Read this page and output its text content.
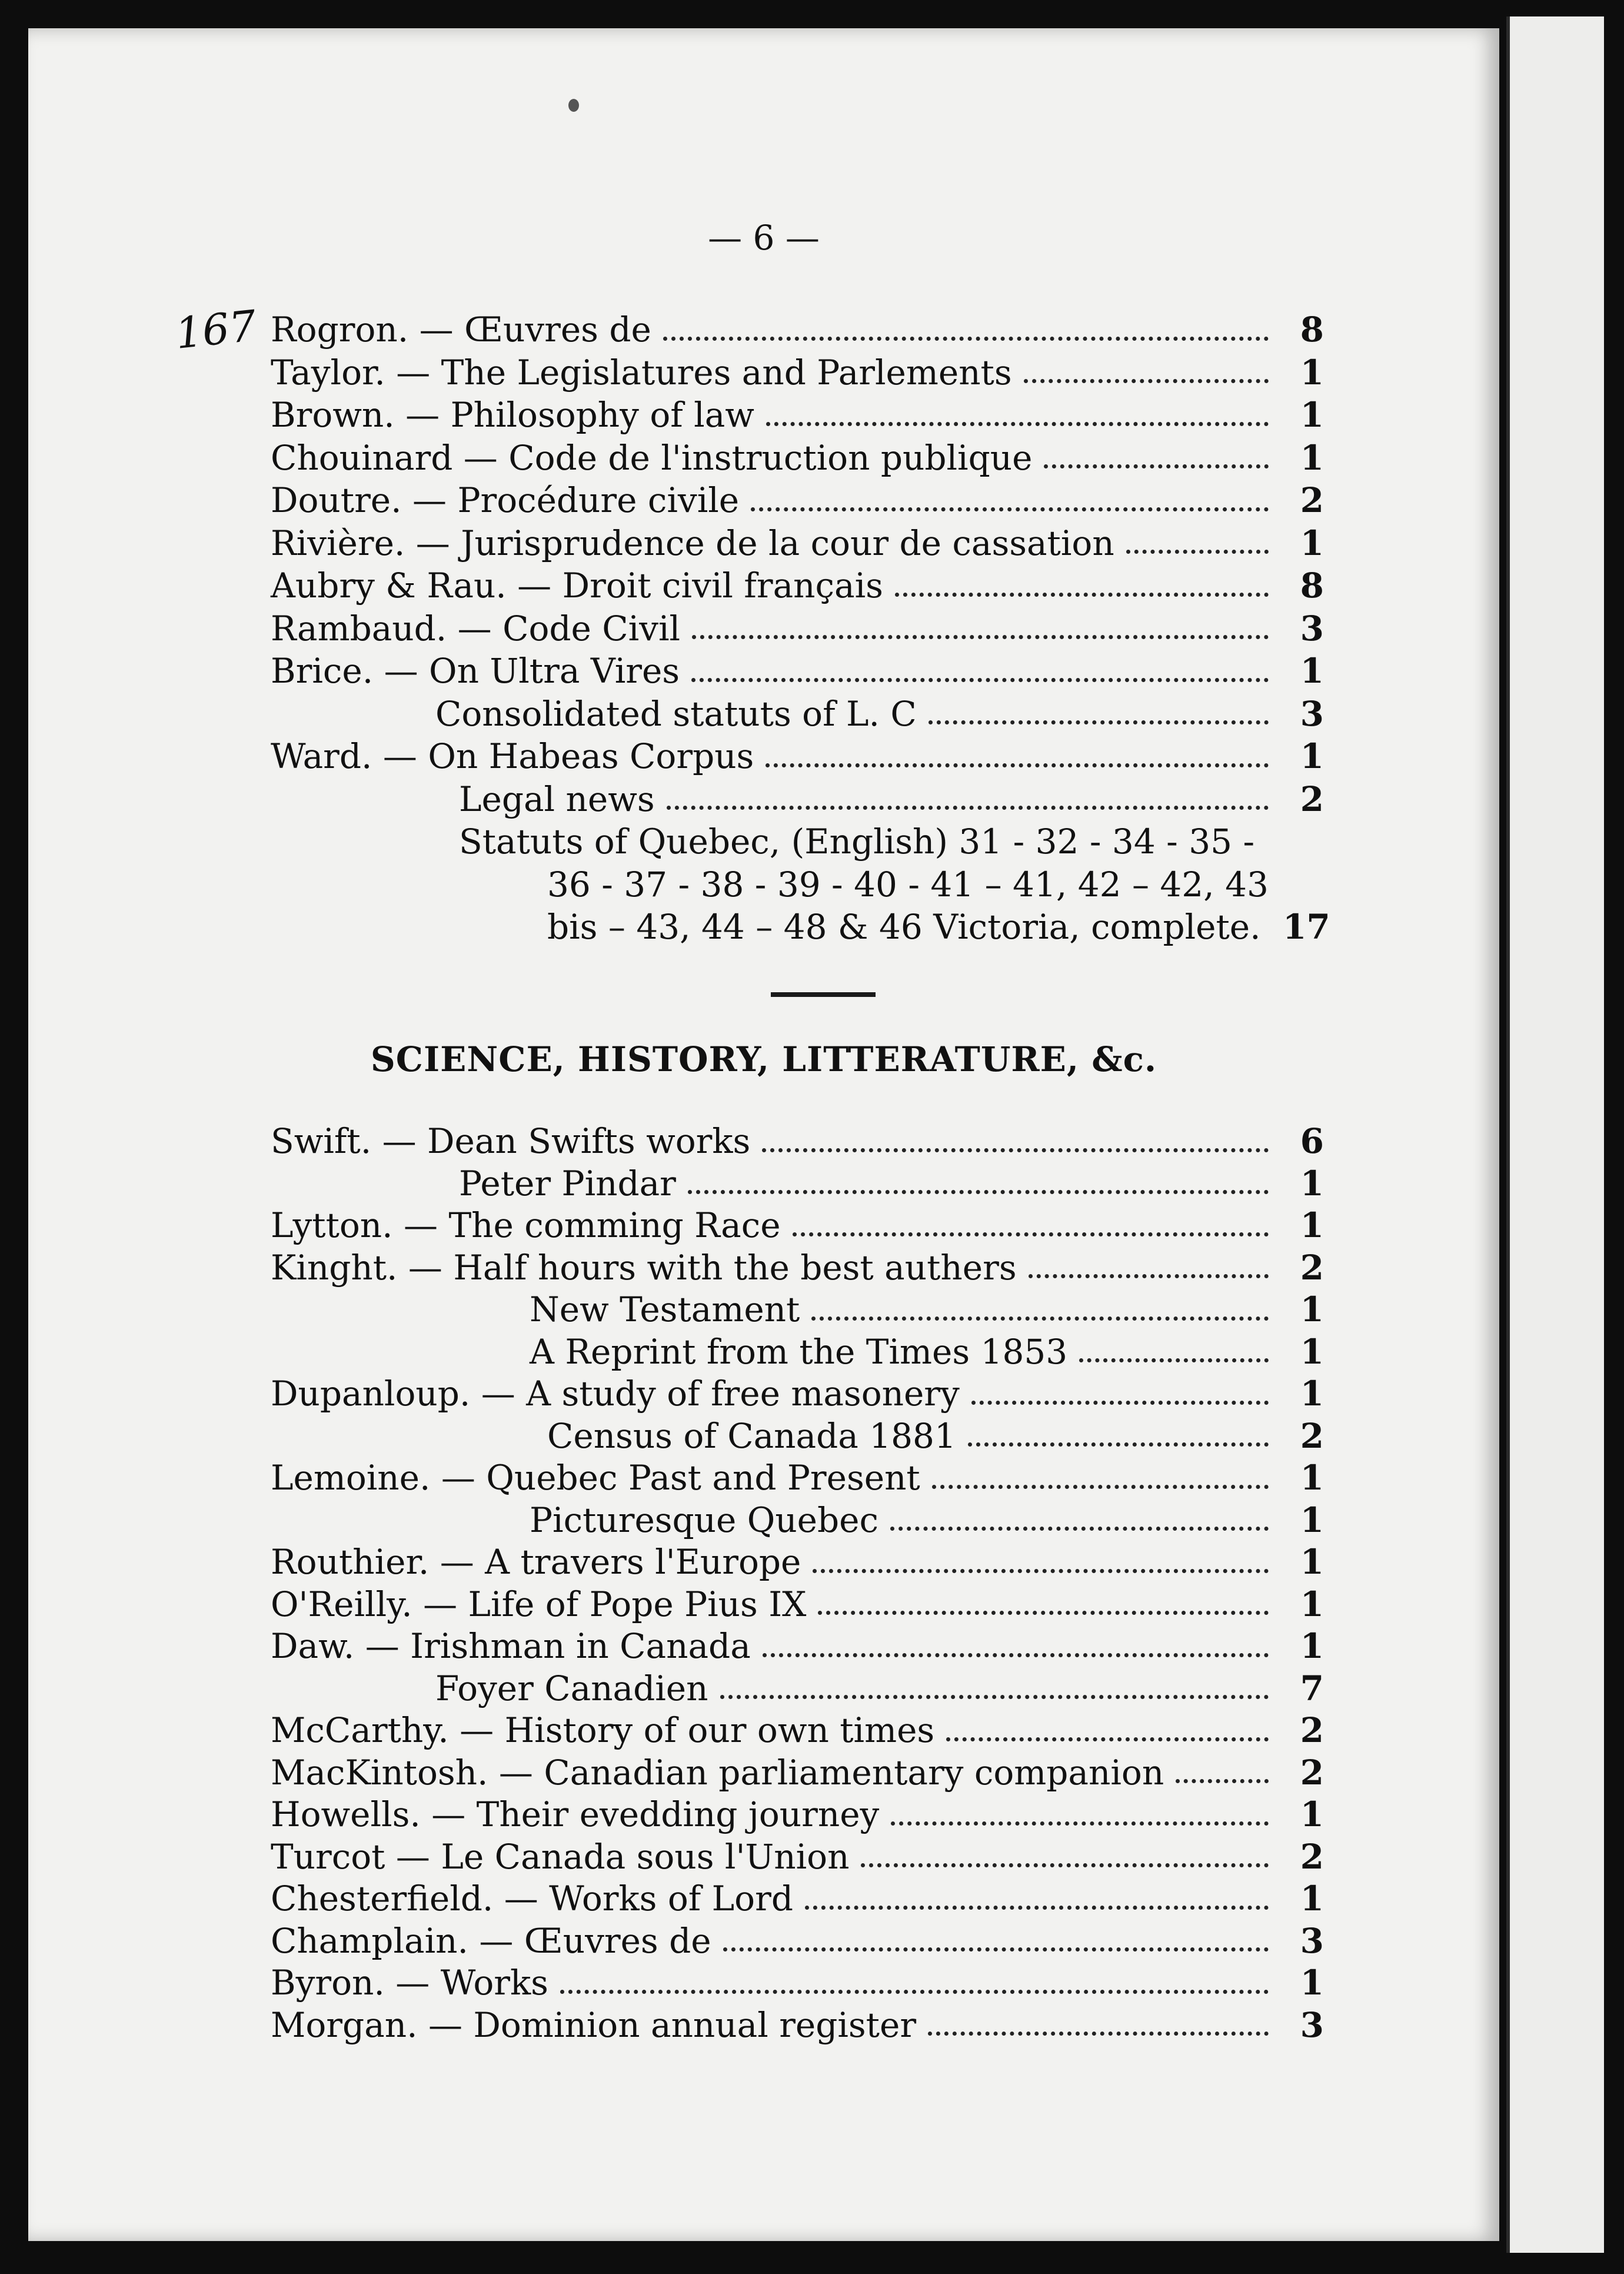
— 6 —
167 Rogron. — Œuvres de	8
Taylor. — The Legislatures and Parlements	1
Brown. — Philosophy of law	1
Chouinard — Code de l'instruction publique	1
Doutre. — Procédure civile	2
Rivière. — Jurisprudence de la cour de cassation	1
Aubry & Rau. — Droit civil français	8
Rambaud. — Code Civil	3
Brice. — On Ultra Vires	1
Consolidated statuts of L. C	3
Ward. — On Habeas Corpus	1
Legal news	2
Statuts of Quebec, (English) 31 - 32 - 34 - 35 -
36 - 37 - 38 - 39 - 40 - 41 – 41, 42 – 42, 43
bis – 43, 44 – 48 & 46 Victoria, complete. 17
SCIENCE, HISTORY, LITTERATURE, &c.
Swift. — Dean Swifts works	6
Peter Pindar	1
Lytton. — The comming Race	1
Kinght. — Half hours with the best authers	2
New Testament	1
A Reprint from the Times 1853	1
Dupanloup. — A study of free masonery	1
Census of Canada 1881	2
Lemoine. — Quebec Past and Present	1
Picturesque Quebec	1
Routhier. — A travers l'Europe	1
O'Reilly. — Life of Pope Pius IX	1
Daw. — Irishman in Canada	1
Foyer Canadien	7
McCarthy. — History of our own times	2
MacKintosh. — Canadian parliamentary companion	2
Howells. — Their evedding journey	1
Turcot — Le Canada sous l'Union	2
Chesterfield. — Works of Lord	1
Champlain. — Œuvres de	3
Byron. — Works	1
Morgan. — Dominion annual register	3
